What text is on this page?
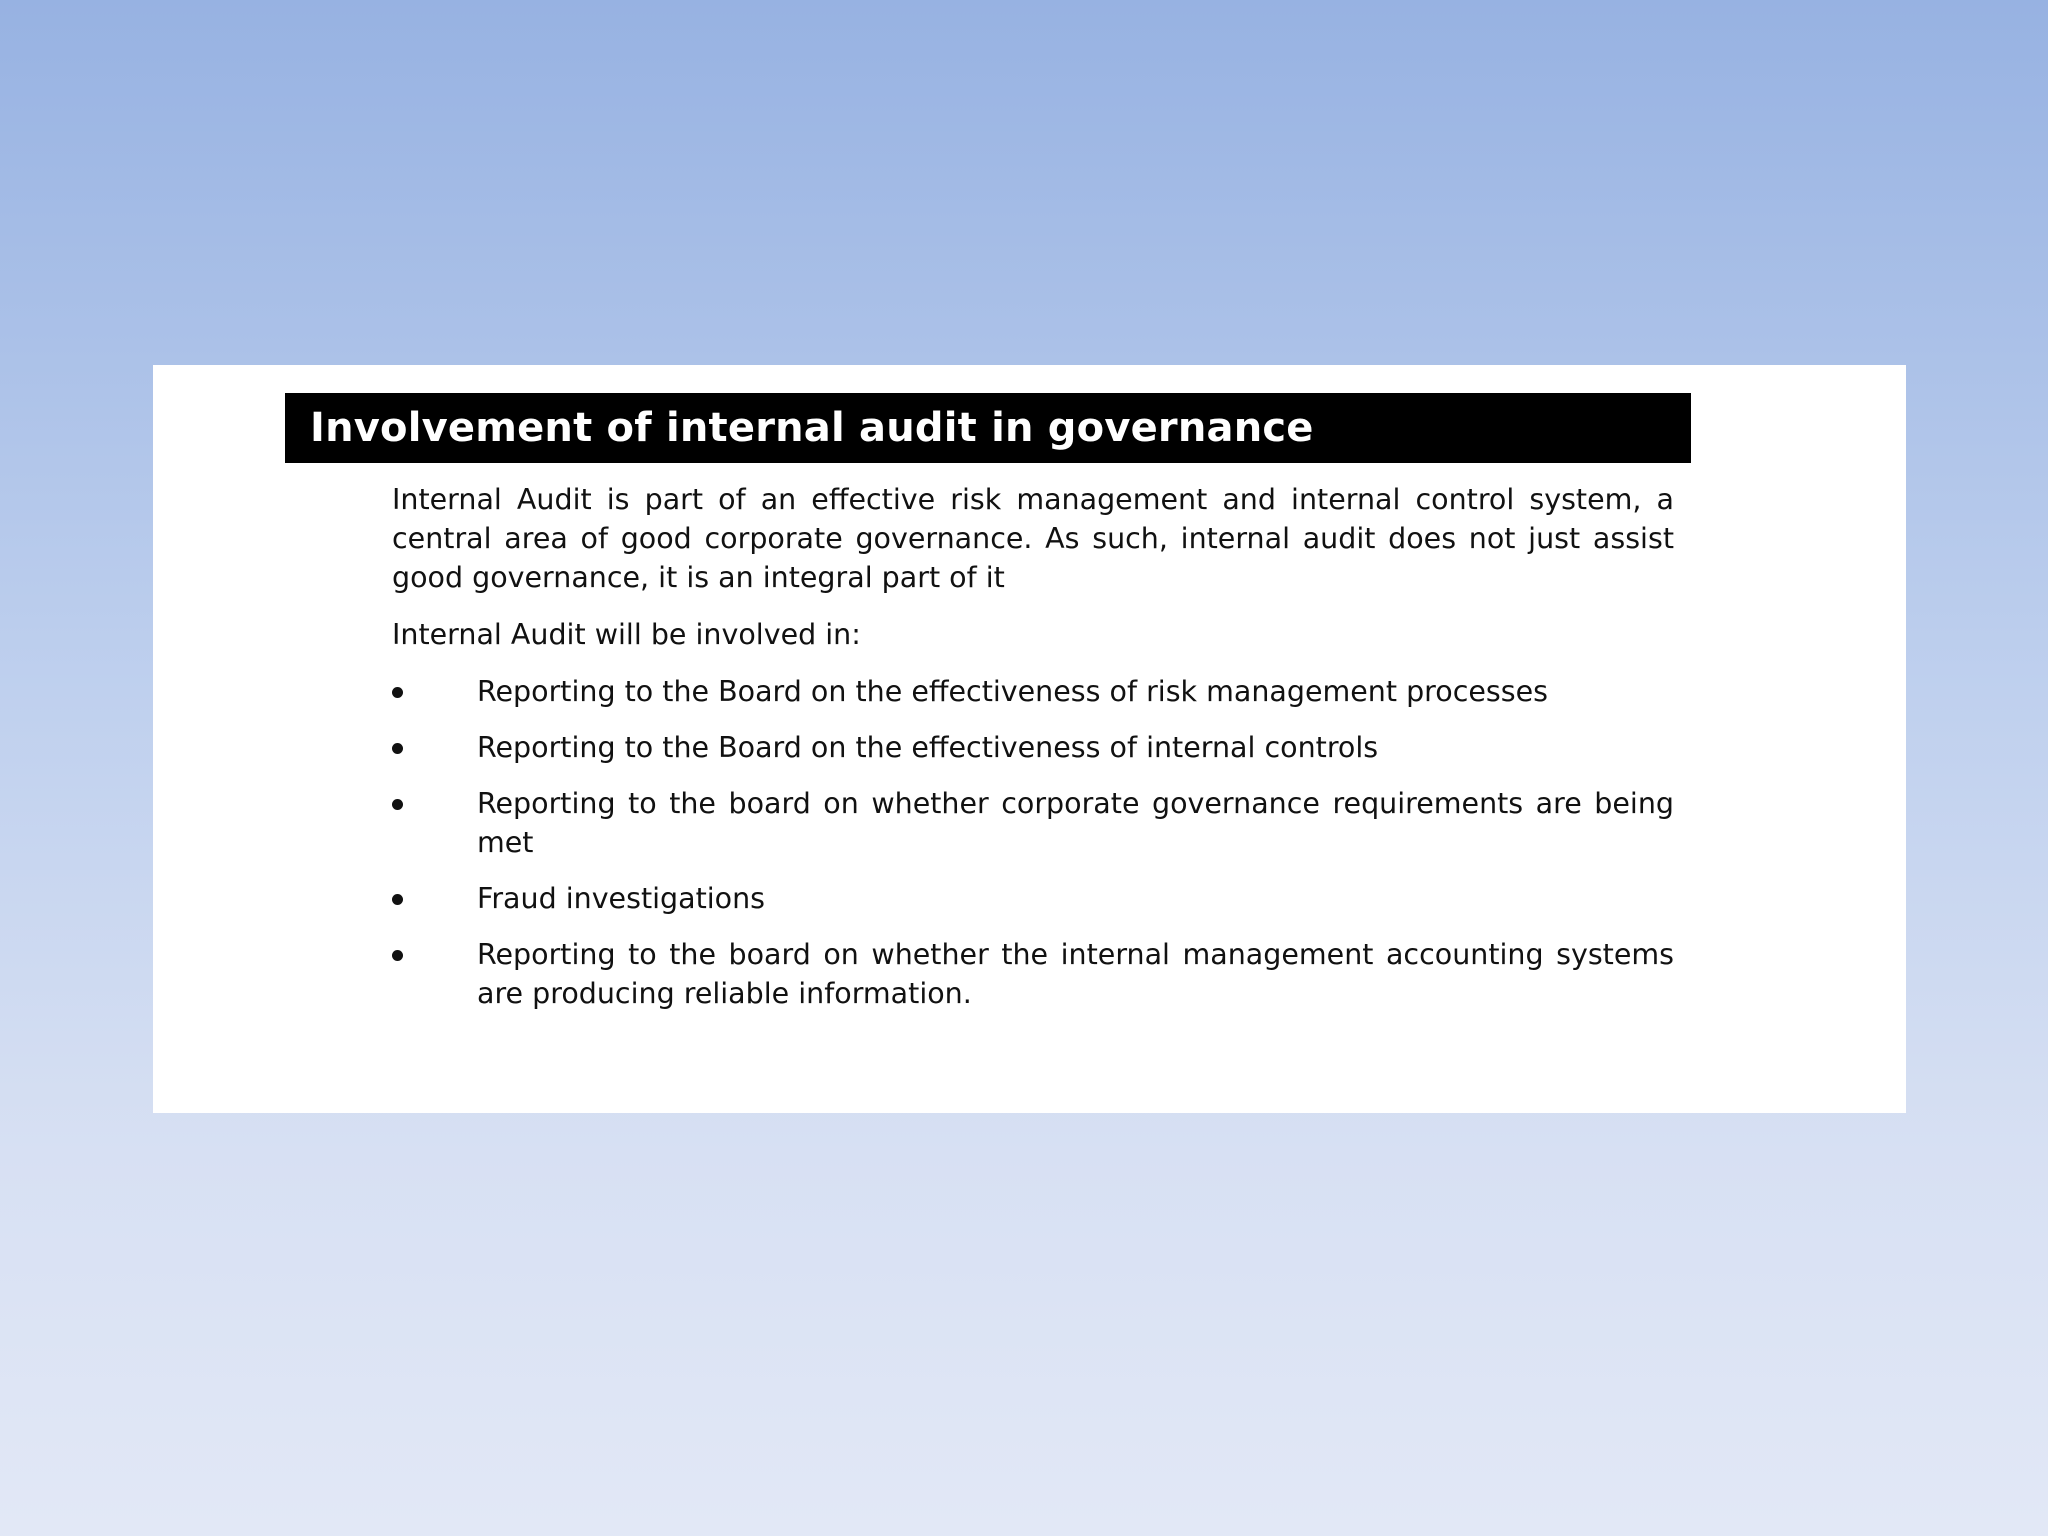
Involvement of internal audit in governance

Internal Audit is part of an effective risk management and internal control system, a central area of good corporate governance. As such, internal audit does not just assist good governance, it is an integral part of it

Internal Audit will be involved in:

Reporting to the Board on the effectiveness of risk management processes
Reporting to the Board on the effectiveness of internal controls
Reporting to the board on whether corporate governance requirements are being met
Fraud investigations
Reporting to the board on whether the internal management accounting systems are producing reliable information.
